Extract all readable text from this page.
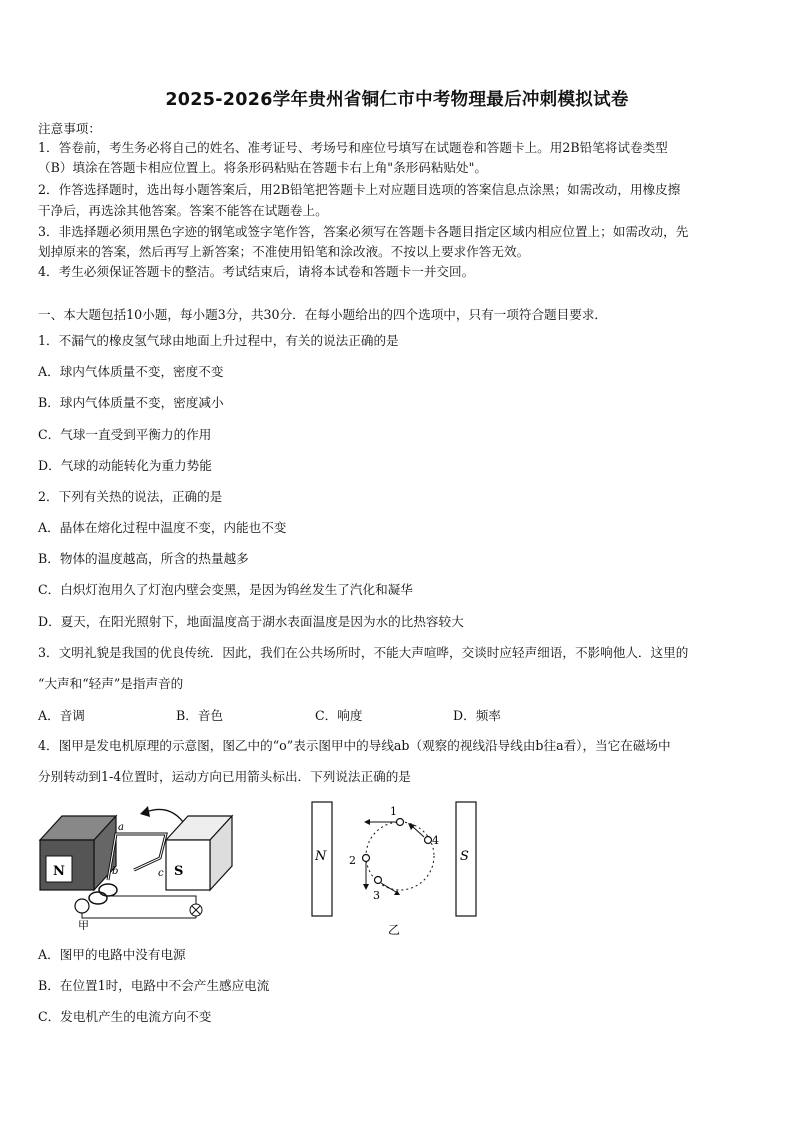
2025-2026学年贵州省铜仁市中考物理最后冲刺模拟试卷
注意事项：
1．答卷前，考生务必将自己的姓名、准考证号、考场号和座位号填写在试题卷和答题卡上。用2B铅笔将试卷类型
（B）填涂在答题卡相应位置上。将条形码粘贴在答题卡右上角"条形码粘贴处"。
2．作答选择题时，选出每小题答案后，用2B铅笔把答题卡上对应题目选项的答案信息点涂黑；如需改动，用橡皮擦
干净后，再选涂其他答案。答案不能答在试题卷上。
3．非选择题必须用黑色字迹的钢笔或签字笔作答，答案必须写在答题卡各题目指定区域内相应位置上；如需改动，先
划掉原来的答案，然后再写上新答案；不准使用铅笔和涂改液。不按以上要求作答无效。
4．考生必须保证答题卡的整洁。考试结束后，请将本试卷和答题卡一并交回。
一、本大题包括10小题，每小题3分，共30分．在每小题给出的四个选项中，只有一项符合题目要求．
1．不漏气的橡皮氢气球由地面上升过程中，有关的说法正确的是
A．球内气体质量不变，密度不变
B．球内气体质量不变，密度减小
C．气球一直受到平衡力的作用
D．气球的动能转化为重力势能
2．下列有关热的说法，正确的是
A．晶体在熔化过程中温度不变，内能也不变
B．物体的温度越高，所含的热量越多
C．白炽灯泡用久了灯泡内壁会变黑，是因为钨丝发生了汽化和凝华
D．夏天，在阳光照射下，地面温度高于湖水表面温度是因为水的比热容较大
3．文明礼貌是我国的优良传统．因此，我们在公共场所时，不能大声喧哗，交谈时应轻声细语，不影响他人．这里的
“大声和“轻声”是指声音的
A．音调	B．音色	C．响度	D．频率
4．图甲是发电机原理的示意图，图乙中的“o”表示图甲中的导线ab（观察的视线沿导线由b往a看），当它在磁场中
分别转动到1-4位置时，运动方向已用箭头标出．下列说法正确的是
N	S
a
b	c
甲
N	S
1
2
3
4
乙
A．图甲的电路中没有电源
B．在位置1时，电路中不会产生感应电流
C．发电机产生的电流方向不变
